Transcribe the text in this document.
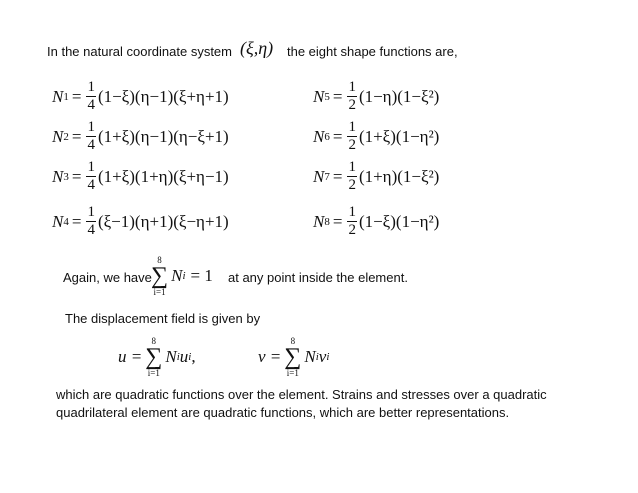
In the natural coordinate system (ξ,η) the eight shape functions are,
N $1 = \frac{1}{4} (1-\xi)(\eta-1)(\xi+\eta+1)$
N $2 = \frac{1}{4} (1+\xi)(\eta-1)(\eta-\xi+1)$
N $3 = \frac{1}{4} (1+\xi)(1+\eta)(\xi+\eta-1)$
N $4 = \frac{1}{4} (\xi-1)(\eta+1)(\xi-\eta+1)$
N $5 = \frac{1}{2} (1-\eta)(1-\xi^2)$
N $6 = \frac{1}{2} (1+\xi)(1-\eta^2)$
N $7 = \frac{1}{2} (1+\eta)(1-\xi^2)$
N $8 = \frac{1}{2} (1-\xi)(1-\eta^2)$
Again, we have
8
∑
i=1
N i = 1 at any point inside the element.
The displacement field is given by
u =
8
∑
i=1
N i u i ,	v =
8
∑
i=1
N i v i
which are quadratic functions over the element. Strains and stresses over a quadratic
quadrilateral element are quadratic functions, which are better representations.
